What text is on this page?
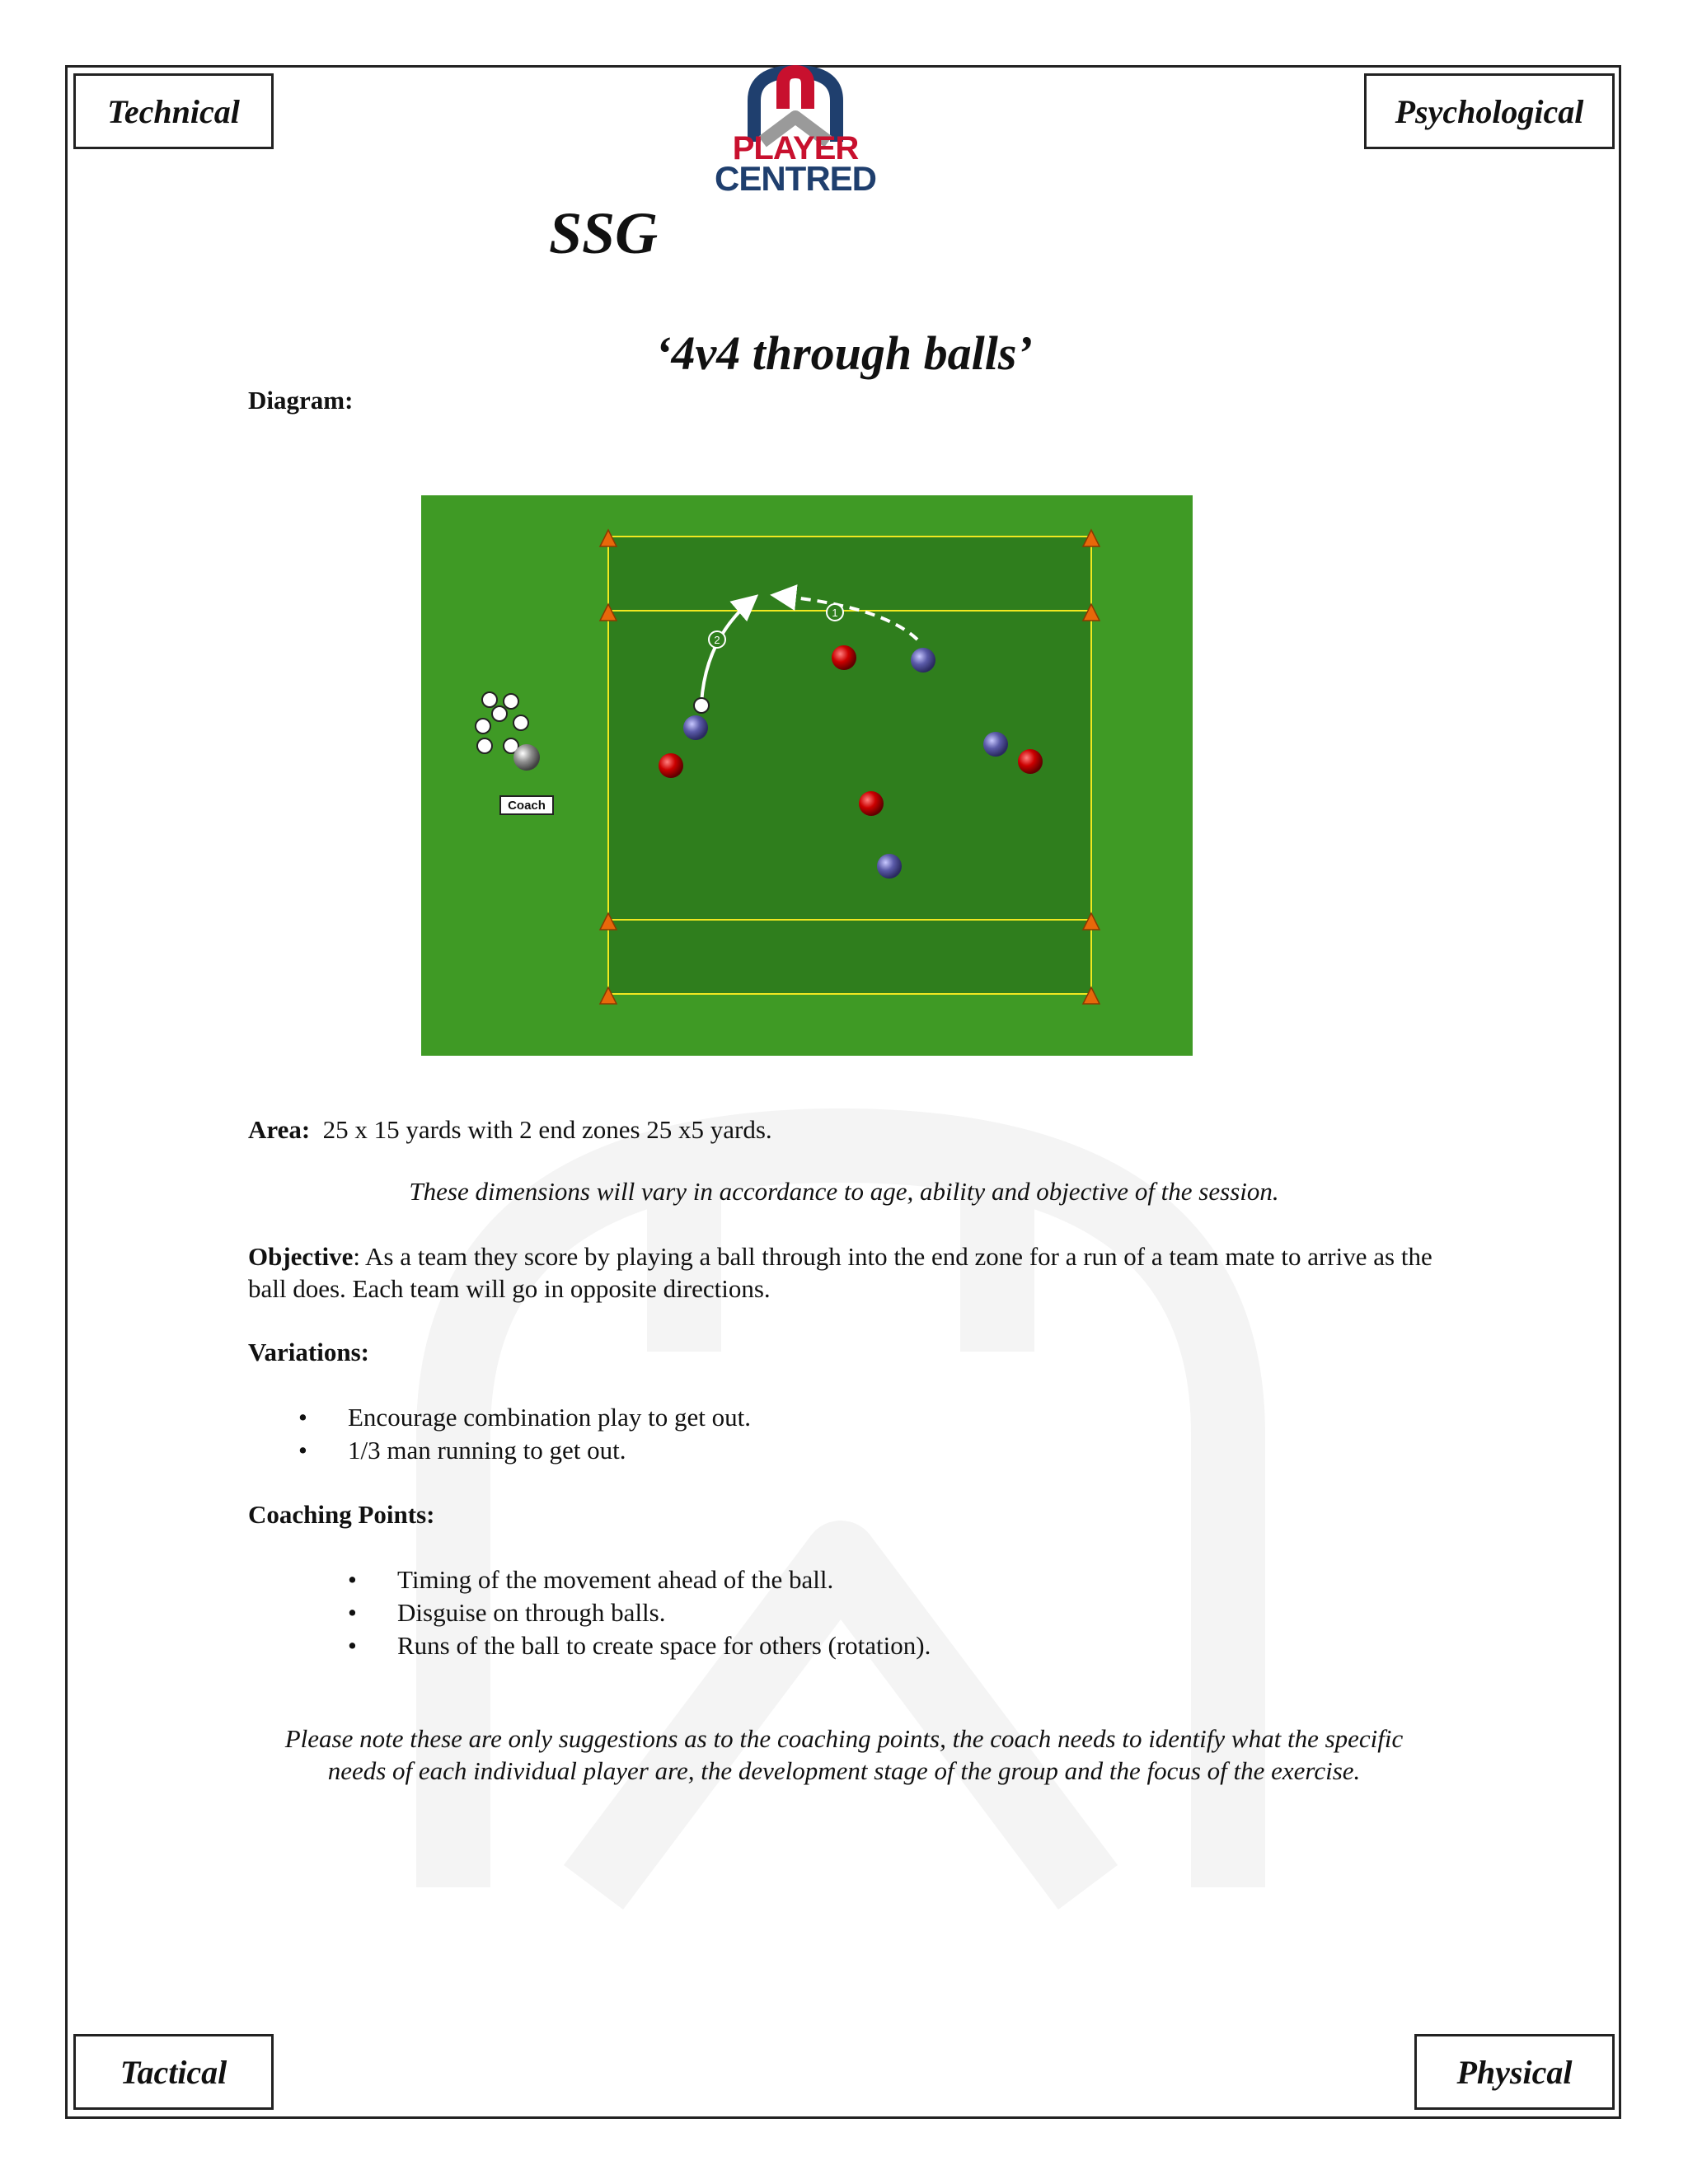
Technical	Psychological
Tactical	Physical
PLAYER
CENTRED
SSG
‘4v4 through balls’
Diagram:
1
2
Coach
Area: 25 x 15 yards with 2 end zones 25 x5 yards.
These dimensions will vary in accordance to age, ability and objective of the session.
Objective: As a team they score by playing a ball through into the end zone for a run of a team mate to arrive as the ball does. Each team will go in opposite directions.
Variations:
• Encourage combination play to get out.
• 1/3 man running to get out.
Coaching Points:
• Timing of the movement ahead of the ball.
• Disguise on through balls.
• Runs of the ball to create space for others (rotation).
Please note these are only suggestions as to the coaching points, the coach needs to identify what the specific needs of each individual player are, the development stage of the group and the focus of the exercise.
